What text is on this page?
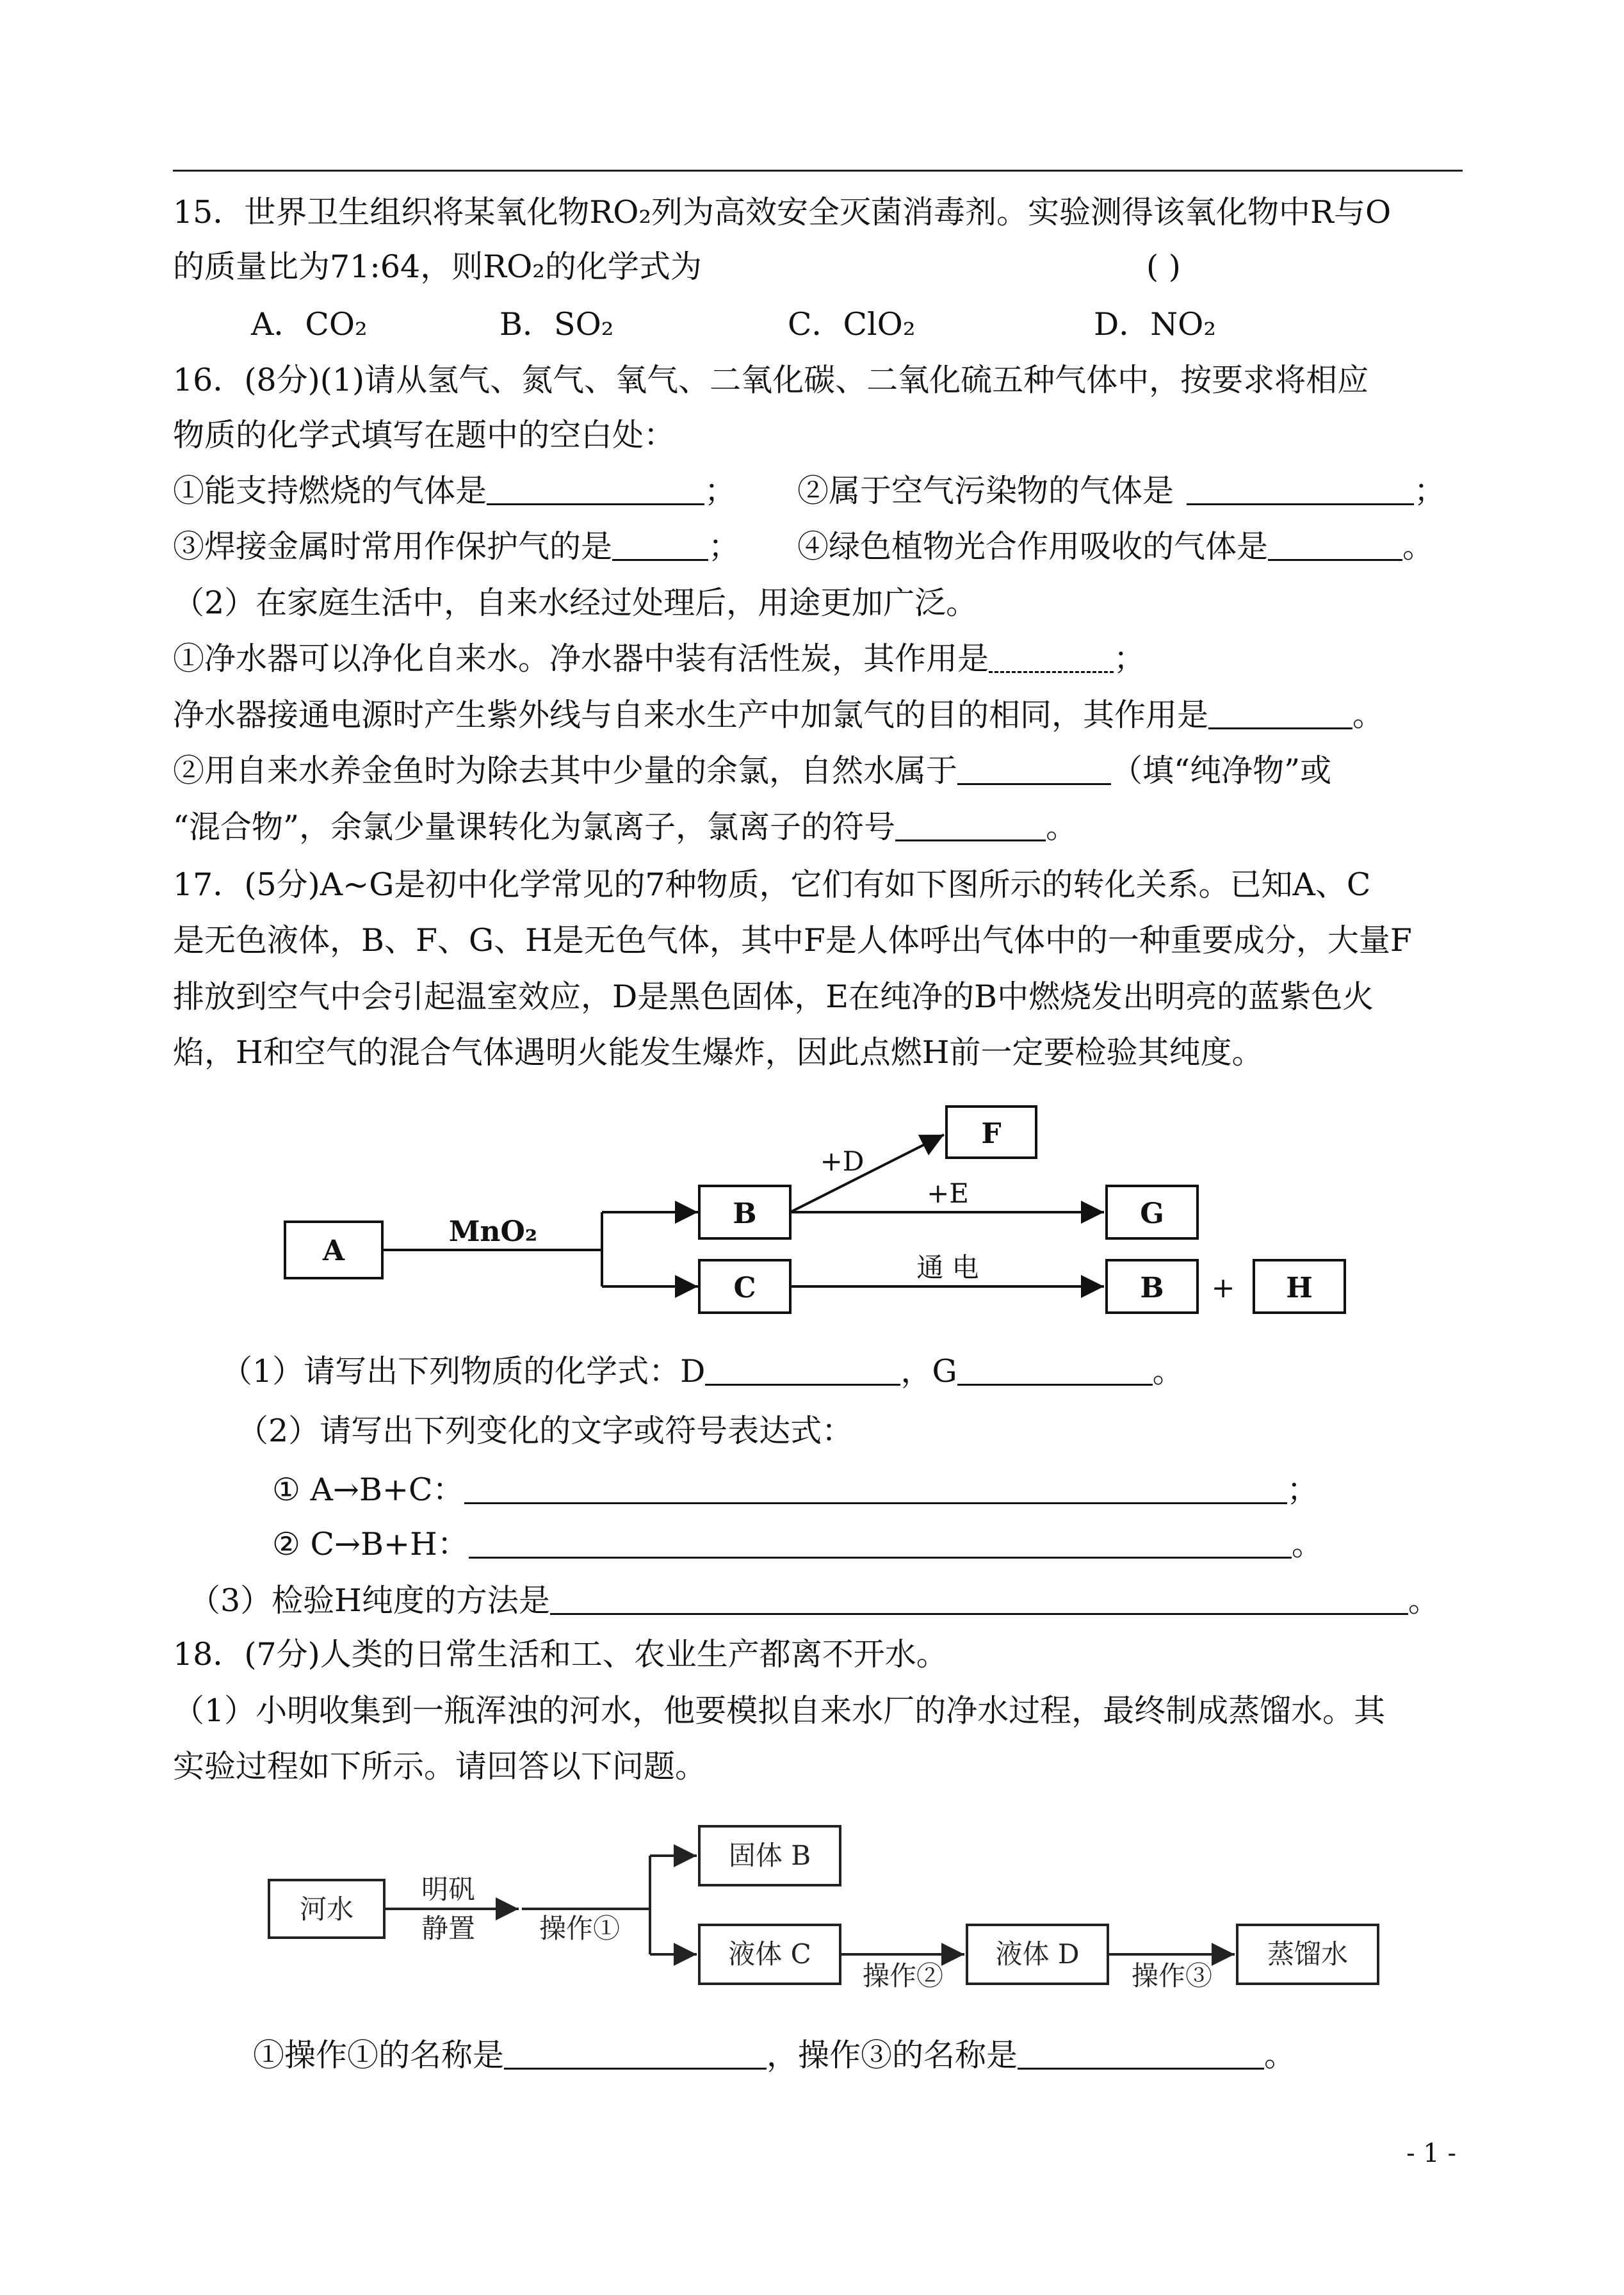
15．世界卫生组织将某氧化物RO₂列为高效安全灭菌消毒剂。实验测得该氧化物中R与O
的质量比为71:64，则RO₂的化学式为	( )
A．CO₂	B．SO₂	C．ClO₂	D．NO₂
16．(8分)(1)请从氢气、氮气、氧气、二氧化碳、二氧化硫五种气体中，按要求将相应
物质的化学式填写在题中的空白处：
①能支持燃烧的气体是	； ②属于空气污染物的气体是	；
③焊接金属时常用作保护气的是	； ④绿色植物光合作用吸收的气体是	。
（2）在家庭生活中，自来水经过处理后，用途更加广泛。
①净水器可以净化自来水。净水器中装有活性炭，其作用是	；
净水器接通电源时产生紫外线与自来水生产中加氯气的目的相同，其作用是	。
②用自来水养金鱼时为除去其中少量的余氯，自然水属于	（填“纯净物”或
“混合物”，余氯少量课转化为氯离子，氯离子的符号	。
17．(5分)A~G是初中化学常见的7种物质，它们有如下图所示的转化关系。已知A、C
是无色液体，B、F、G、H是无色气体，其中F是人体呼出气体中的一种重要成分，大量F
排放到空气中会引起温室效应，D是黑色固体，E在纯净的B中燃烧发出明亮的蓝紫色火
焰，H和空气的混合气体遇明火能发生爆炸，因此点燃H前一定要检验其纯度。
A
B
C
F
G
B	H
MnO₂
+
+D
+E
通 电
（1）请写出下列物质的化学式：D	，G	。
（2）请写出下列变化的文字或符号表达式：
① A→B+C：	；
② C→B+H：	。
（3）检验H纯度的方法是	。
18．(7分)人类的日常生活和工、农业生产都离不开水。
（1）小明收集到一瓶浑浊的河水，他要模拟自来水厂的净水过程，最终制成蒸馏水。其
实验过程如下所示。请回答以下问题。
河水
明矾
静置 操作①
固体 B
液体 C
操作②
液体 D
操作③
蒸馏水
①操作①的名称是	，操作③的名称是	。
- 1 -
